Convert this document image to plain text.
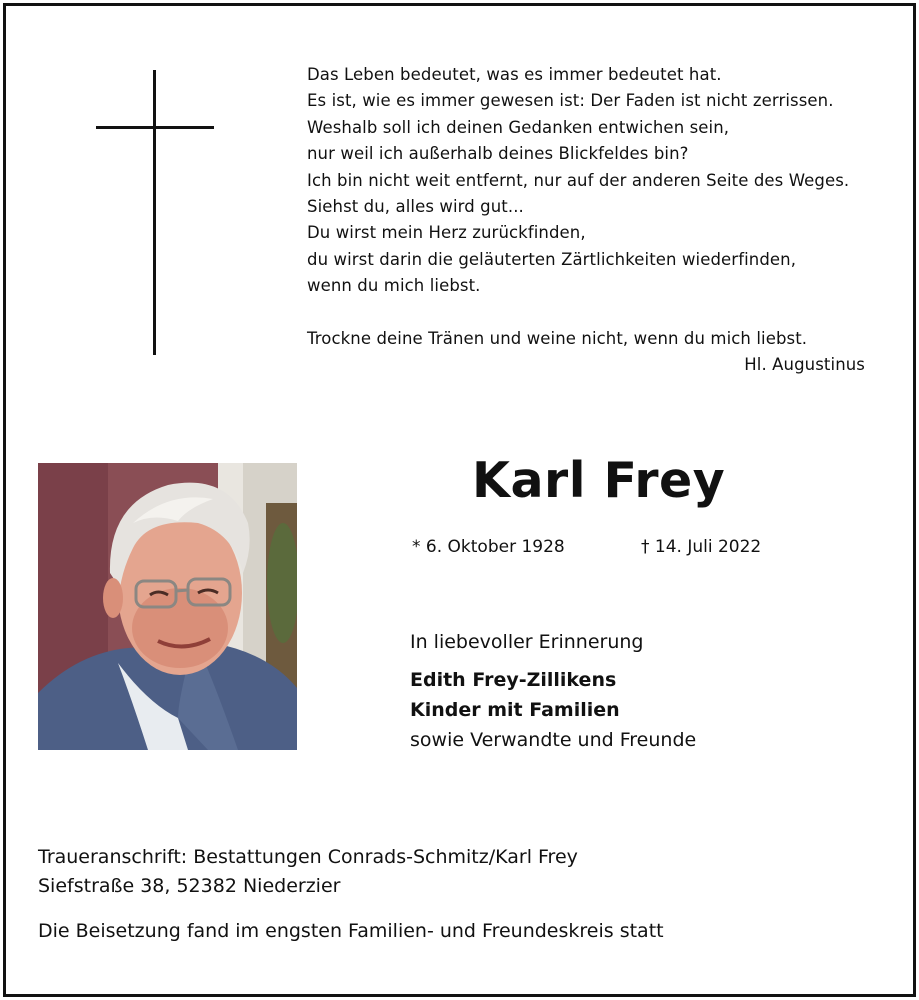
Das Leben bedeutet, was es immer bedeutet hat.
Es ist, wie es immer gewesen ist: Der Faden ist nicht zerrissen.
Weshalb soll ich deinen Gedanken entwichen sein,
nur weil ich außerhalb deines Blickfeldes bin?
Ich bin nicht weit entfernt, nur auf der anderen Seite des Weges.
Siehst du, alles wird gut...
Du wirst mein Herz zurückfinden,
du wirst darin die geläuterten Zärtlichkeiten wiederfinden,
wenn du mich liebst.
Trockne deine Tränen und weine nicht, wenn du mich liebst.
Hl. Augustinus
Karl Frey
* 6. Oktober 1928	† 14. Juli 2022
In liebevoller Erinnerung
Edith Frey-Zillikens
Kinder mit Familien
sowie Verwandte und Freunde
Traueranschrift: Bestattungen Conrads-Schmitz/Karl Frey
Siefstraße 38, 52382 Niederzier
Die Beisetzung fand im engsten Familien- und Freundeskreis statt
